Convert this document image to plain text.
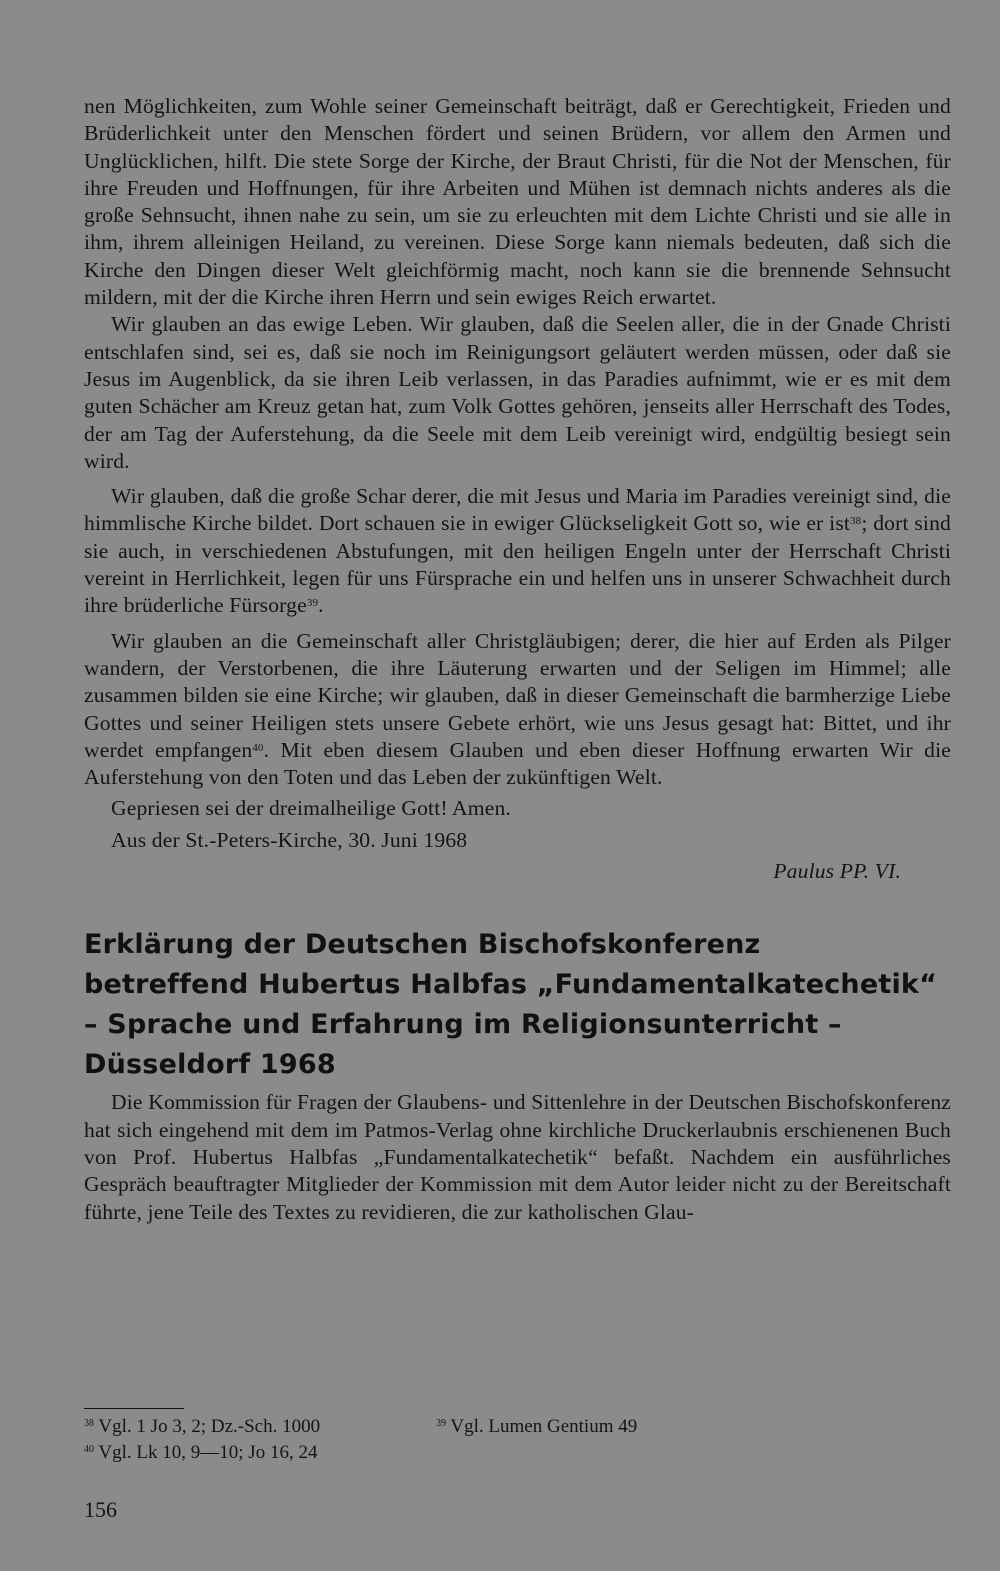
nen Möglichkeiten, zum Wohle seiner Gemeinschaft beiträgt, daß er Gerechtigkeit, Frieden und Brüderlichkeit unter den Menschen fördert und seinen Brüdern, vor allem den Armen und Unglücklichen, hilft. Die stete Sorge der Kirche, der Braut Christi, für die Not der Menschen, für ihre Freuden und Hoffnungen, für ihre Arbeiten und Mühen ist demnach nichts anderes als die große Sehnsucht, ihnen nahe zu sein, um sie zu erleuchten mit dem Lichte Christi und sie alle in ihm, ihrem alleinigen Heiland, zu vereinen. Diese Sorge kann niemals bedeuten, daß sich die Kirche den Dingen dieser Welt gleichförmig macht, noch kann sie die brennende Sehnsucht mildern, mit der die Kirche ihren Herrn und sein ewiges Reich erwartet.

Wir glauben an das ewige Leben. Wir glauben, daß die Seelen aller, die in der Gnade Christi entschlafen sind, sei es, daß sie noch im Reinigungsort geläutert werden müssen, oder daß sie Jesus im Augenblick, da sie ihren Leib verlassen, in das Paradies aufnimmt, wie er es mit dem guten Schächer am Kreuz getan hat, zum Volk Gottes gehören, jenseits aller Herrschaft des Todes, der am Tag der Auferstehung, da die Seele mit dem Leib vereinigt wird, endgültig besiegt sein wird.

Wir glauben, daß die große Schar derer, die mit Jesus und Maria im Paradies vereinigt sind, die himmlische Kirche bildet. Dort schauen sie in ewiger Glückseligkeit Gott so, wie er ist$^{38}$; dort sind sie auch, in verschiedenen Abstufungen, mit den heiligen Engeln unter der Herrschaft Christi vereint in Herrlichkeit, legen für uns Fürsprache ein und helfen uns in unserer Schwachheit durch ihre brüderliche Fürsorge$^{39}$.

Wir glauben an die Gemeinschaft aller Christgläubigen; derer, die hier auf Erden als Pilger wandern, der Verstorbenen, die ihre Läuterung erwarten und der Seligen im Himmel; alle zusammen bilden sie eine Kirche; wir glauben, daß in dieser Gemeinschaft die barmherzige Liebe Gottes und seiner Heiligen stets unsere Gebete erhört, wie uns Jesus gesagt hat: Bittet, und ihr werdet empfangen$^{40}$. Mit eben diesem Glauben und eben dieser Hoffnung erwarten Wir die Auferstehung von den Toten und das Leben der zukünftigen Welt.

Gepriesen sei der dreimalheilige Gott! Amen.

Aus der St.-Peters-Kirche, 30. Juni 1968

Paulus PP. VI.

Erklärung der Deutschen Bischofskonferenz
betreffend Hubertus Halbfas „Fundamentalkatechetik“
– Sprache und Erfahrung im Religionsunterricht –
Düsseldorf 1968

Die Kommission für Fragen der Glaubens- und Sittenlehre in der Deutschen Bischofskonferenz hat sich eingehend mit dem im Patmos-Verlag ohne kirchliche Druckerlaubnis erschienenen Buch von Prof. Hubertus Halbfas „Fundamentalkatechetik“ befaßt. Nachdem ein ausführliches Gespräch beauftragter Mitglieder der Kommission mit dem Autor leider nicht zu der Bereitschaft führte, jene Teile des Textes zu revidieren, die zur katholischen Glau-

$^{38}$ Vgl. 1 Jo 3, 2; Dz.-Sch. 1000	$^{39}$ Vgl. Lumen Gentium 49
$^{40}$ Vgl. Lk 10, 9—10; Jo 16, 24
156
